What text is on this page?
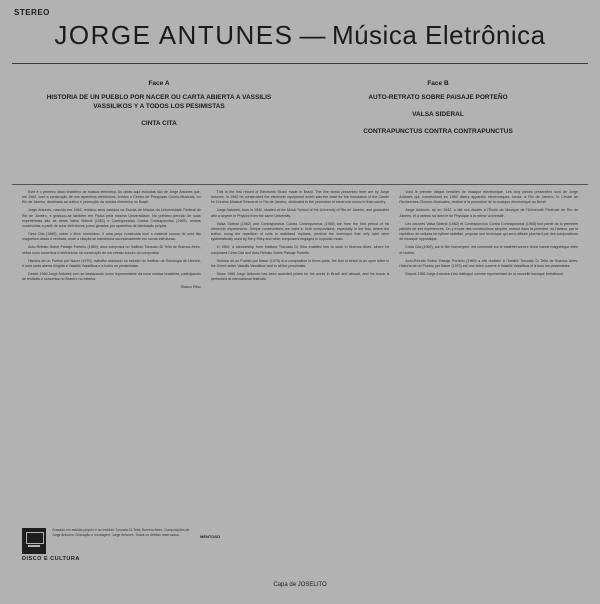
STEREO
JORGE ANTUNES — Música Eletrônica
Face A
HISTORIA DE UN PUEBLO POR NACER OU CARTA ABIERTA A VASSILIS VASSILIKOS Y A TODOS LOS PESIMISTAS
CINTA CITA
Face B
AUTO-RETRATO SOBRE PAISAJE PORTEÑO
VALSA SIDERAL
CONTRAPUNCTUS CONTRA CONTRAPUNCTUS

Este é o primeiro disco brasileiro de música eletrônica. As obras aqui incluídas são de Jorge Antunes que, em 1962, com a construção de uns aparelhos eletrônicos, fundou o Centro de Pesquisas Cromo-Musicais, no Rio de Janeiro, destinado ao cultivo e promoção da música eletrônica no Brasil.

Jorge Antunes, nascido em 1942, realizou seus estudos na Escola de Música da Universidade Federal do Rio de Janeiro, e graduou-se também em Física pela mesma Universidade. No primeiro período de suas experiências são as obras Valsa Sideral (1962) e Contrapunctus Contra Contrapunctus (1965), ambas construídas a partir de sons eletrônicos puros gerados por aparelhos de fabricação própria.

Cinta Cita (1969), sobre o filme homônimo, é uma peça construída com o material sonoro de uma fita magnética citada e recitada, onde a citação se transforma sucessivamente em novas estruturas.

Auto-Retrato Sobre Paisaje Porteño (1969), obra composta no Instituto Torcuato Di Tella de Buenos Aires, utiliza sons concretos e eletrônicos na construção de um retrato sonoro do compositor.

História de un Pueblo por Nacer (1970), trabalho realizado no estúdio do Instituto de Sonologia de Utrecht, é uma carta aberta dirigida a Vassilis Vassilikos e a todos os pessimistas.

Desde 1966 Jorge Antunes vem se destacando como representante da nova música brasileira, participando de festivais e concertos no Brasil e no exterior.

Glauco Filho

This is the first record of Electronic Music made in Brazil. The five works presented here are by Jorge Antunes. In 1962 he constructed the electronic equipment which was the base for the foundation of the Center for Chromo-Musical Research in Rio de Janeiro, dedicated to the promotion of electronic music in that country.

Jorge Antunes, born in 1942, studied at the Music School of the University of Rio de Janeiro, and graduated with a degree in Physics from the same University.

Valsa Sideral (1962) and Contrapunctus Contra Contrapunctus (1965) are from the first period of his electronic experiments. Simple constructions are used in both compositions, especially in the first, where the author, using the repetition of cells in stabilized rhythms, predicts the technique that only later were systematically used by Terry Riley and other composers engaged in hypnotic music.

In 1969, a scholarship from Instituto Torcuato Di Tella enabled him to work in Buenos Aires, where he composed Cinta Cita and Auto-Retrato Sobre Paisaje Porteño.

Historia de un Pueblo por Nacer (1970) is a composition in three parts, the first of which is an open letter to the Greek writer Vassilis Vassilikos and to all the pessimists.

Since 1966 Jorge Antunes has been awarded prizes for his works in Brazil and abroad, and his music is performed at international festivals.

Voici le premier disque brésilien de musique électronique. Les cinq pièces présentées sont de Jorge Antunes qui, construisant en 1962 divers appareils électroniques, fonda, à Rio de Janeiro, le Centre de Recherches Chromo-Musicales, destiné à la promotion de la musique électronique au Brésil.

Jorge Antunes, né en 1942, a fait ses études à l'École de Musique de l'Université Fédérale de Rio de Janeiro, et a obtenu sa licence de Physique à la même Université.

Les oeuvres Valsa Sideral (1962) et Contrapunctus Contra Contrapunctus (1965) font partie de la première période de ses expériences. On y trouve des constructions simples, surtout dans la première, où l'auteur, par la répétition de cellules en rythme stabilisé, propose une technique qui sera utilisée plus tard par des compositeurs de musique hypnotique.

Cinta Cita (1969), sur le film homonyme, est construite sur le matériel sonore d'une bande magnétique citée et récitée.

Auto-Retrato Sobre Paisaje Porteño (1969) a été réalisée à l'Institut Torcuato Di Tella de Buenos Aires; Historia de un Pueblo por Nacer (1970) est une lettre ouverte à Vassilis Vassilikos et à tous les pessimistes.

Depuis 1966 Jorge Antunes s'est distingué comme représentant de la nouvelle musique brésilienne.

Gravado em estúdio próprio e no Instituto Torcuato Di Tella, Buenos Aires. Composições de Jorge Antunes. Gravação e montagem: Jorge Antunes. Todos os direitos reservados.	MENTOSO
DISCO E CULTURA
Capa de JOSELITO
